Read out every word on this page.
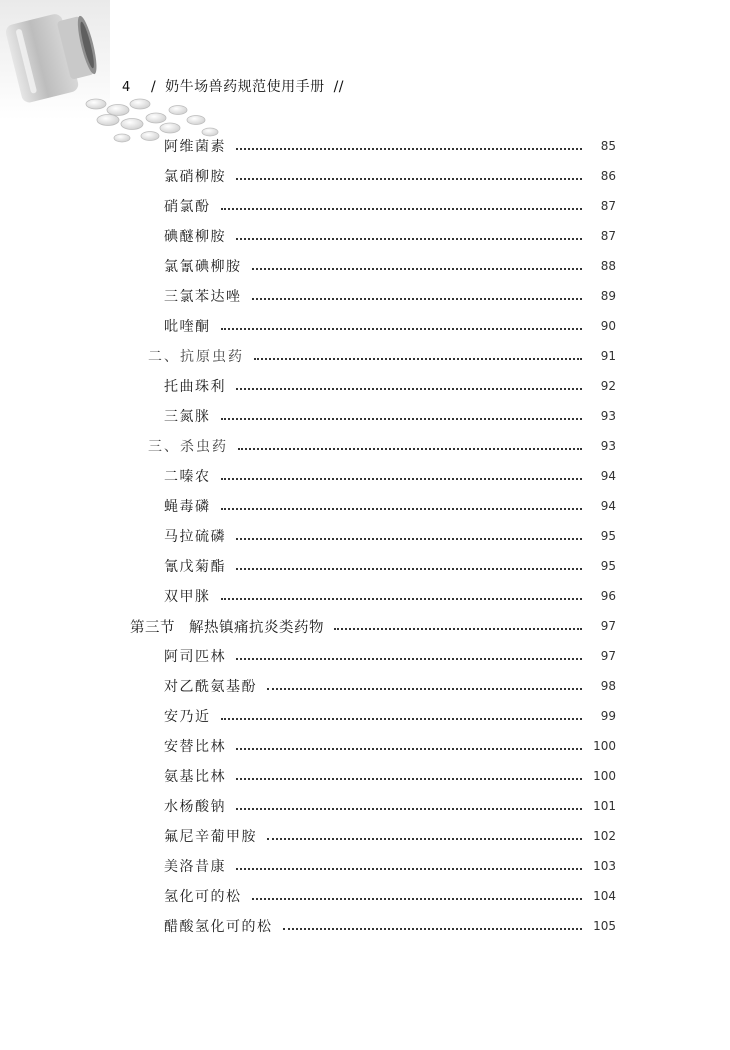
4 / 奶牛场兽药规范使用手册 //
阿维菌素	85
氯硝柳胺	86
硝氯酚	87
碘醚柳胺	87
氯氰碘柳胺	88
三氯苯达唑	89
吡喹酮	90
二、抗原虫药	91
托曲珠利	92
三氮脒	93
三、杀虫药	93
二嗪农	94
蝇毒磷	94
马拉硫磷	95
氰戊菊酯	95
双甲脒	96
第三节 解热镇痛抗炎类药物	97
阿司匹林	97
对乙酰氨基酚	98
安乃近	99
安替比林	100
氨基比林	100
水杨酸钠	101
氟尼辛葡甲胺	102
美洛昔康	103
氢化可的松	104
醋酸氢化可的松	105
